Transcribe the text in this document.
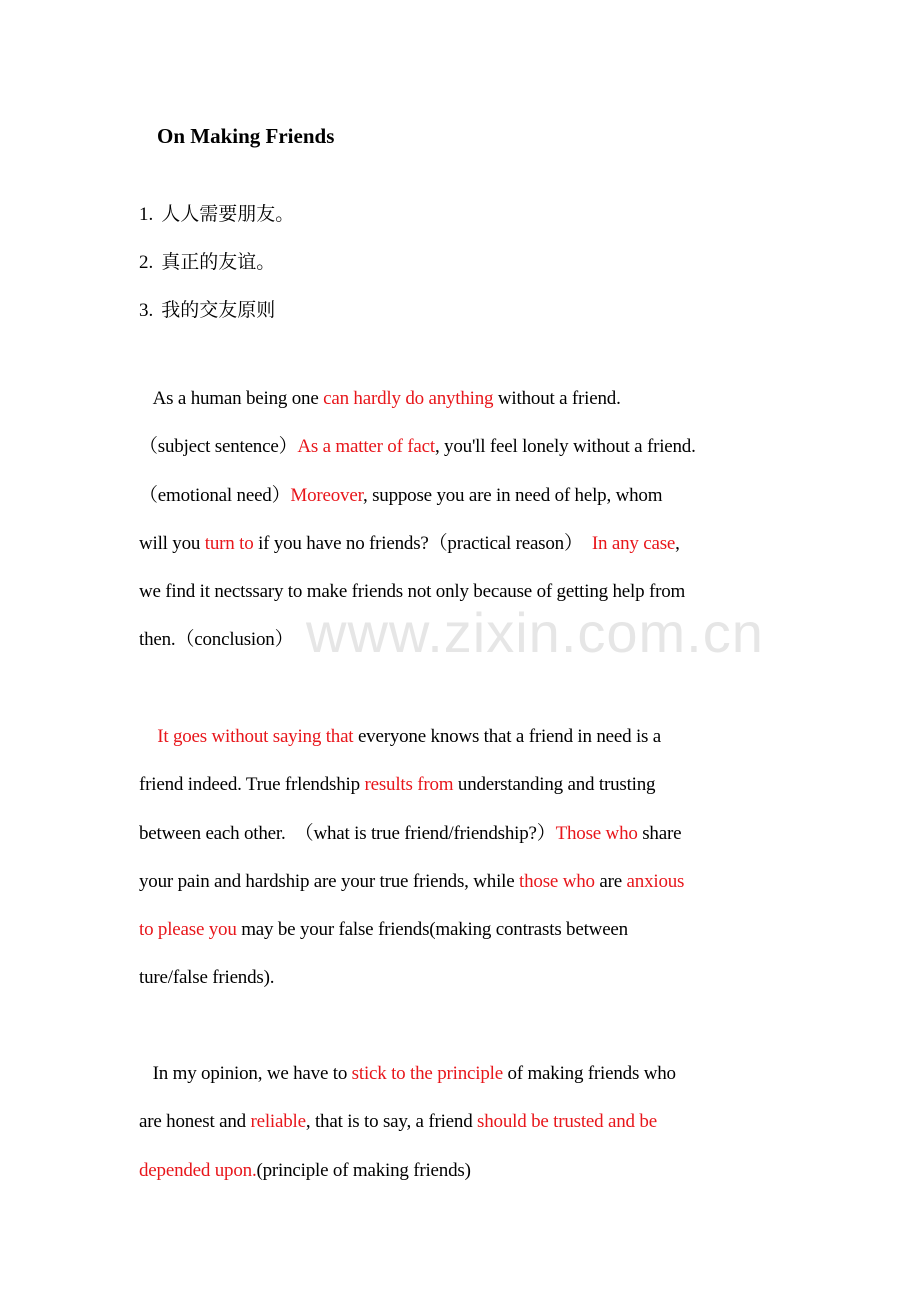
On Making Friends
1. 人人需要朋友。
2. 真正的友谊。
3. 我的交友原则
As a human being one can hardly do anything without a friend.
（subject sentence）As a matter of fact, you'll feel lonely without a friend.
（emotional need）Moreover, suppose you are in need of help, whom
will you turn to if you have no friends?（practical reason）  In any case,
we find it nectssary to make friends not only because of getting help from
then.（conclusion）
It goes without saying that everyone knows that a friend in need is a
friend indeed. True frlendship results from understanding and trusting
between each other.  （what is true friend/friendship?）Those who share
your pain and hardship are your true friends, while those who are anxious
to please you may be your false friends(making contrasts between
ture/false friends).
In my opinion, we have to stick to the principle of making friends who
are honest and reliable, that is to say, a friend should be trusted and be
depended upon.(principle of making friends)
www.zixin.com.cn
